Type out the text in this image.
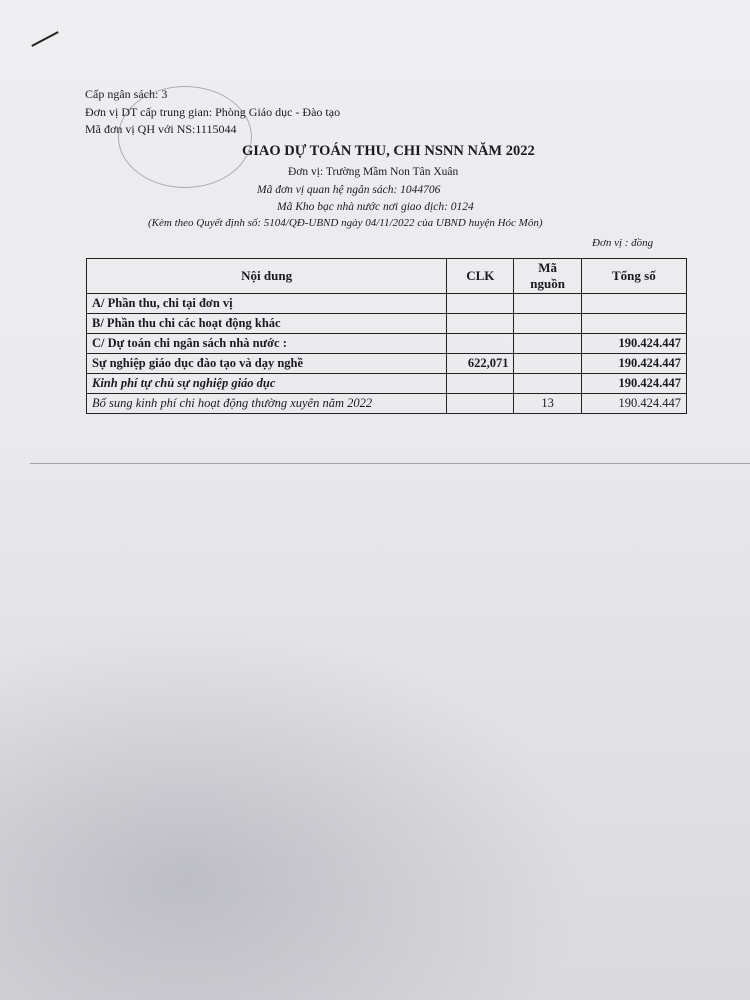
Cấp ngân sách: 3
Đơn vị DT cấp trung gian: Phòng Giáo dục - Đào tạo
Mã đơn vị QH với NS:1115044
GIAO DỰ TOÁN THU, CHI NSNN NĂM 2022
Đơn vị: Trường Mầm Non Tân Xuân
Mã đơn vị quan hệ ngân sách: 1044706
Mã Kho bạc nhà nước nơi giao dịch: 0124
(Kèm theo Quyết định số: 5104/QĐ-UBND ngày 04/11/2022 của UBND huyện Hóc Môn)
Đơn vị : đồng
Nội dung	CLK	Mã nguồn	Tổng số
A/ Phần thu, chi tại đơn vị			
B/ Phần thu chi các hoạt động khác			
C/ Dự toán chi ngân sách nhà nước :			190.424.447
Sự nghiệp giáo dục đào tạo và dạy nghề	622,071		190.424.447
Kinh phí tự chủ sự nghiệp giáo dục			190.424.447
Bổ sung kinh phí chi hoạt động thường xuyên năm 2022		13	190.424.447
